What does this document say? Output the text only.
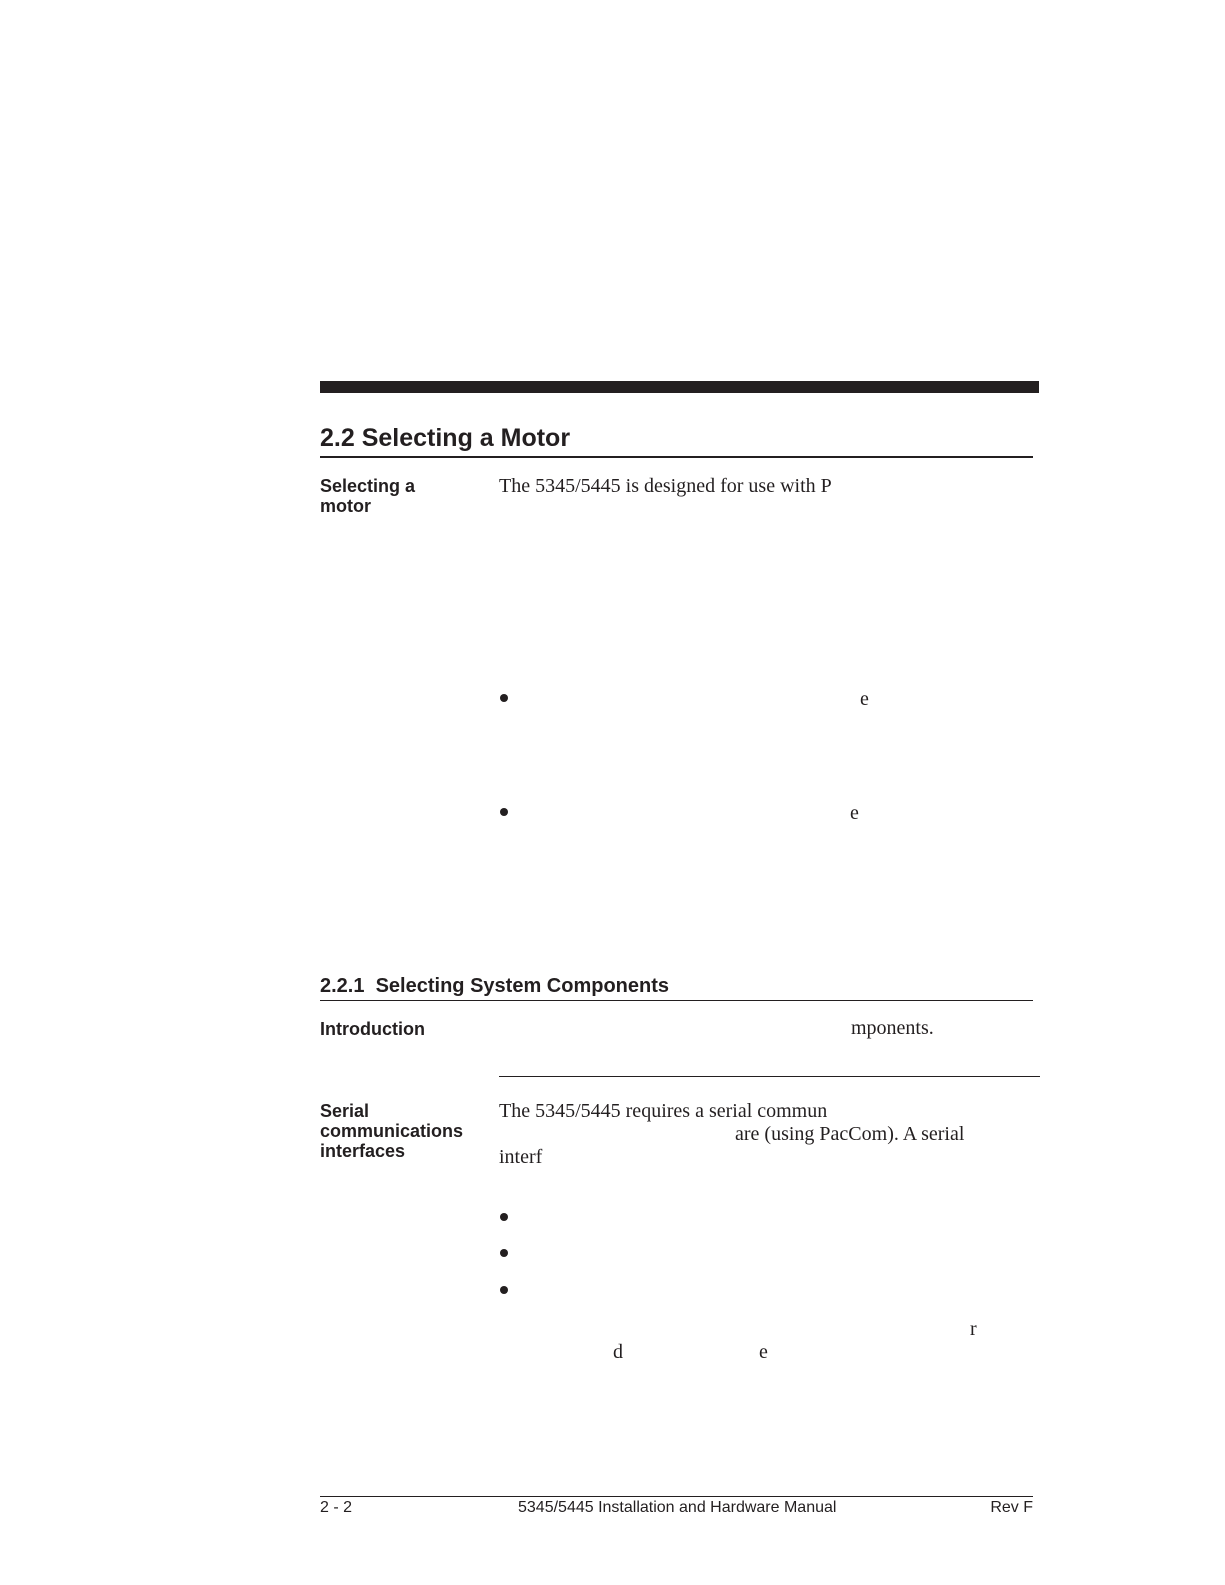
2.2 Selecting a Motor
Selecting a
motor
The 5345/5445 is designed for use with P
e
e
2.2.1  Selecting System Components
Introduction	mponents.
Serial
communications
interfaces
The 5345/5445 requires a serial commun
are (using PacCom). A serial
interf
r
d	e
2 - 2	5345/5445 Installation and Hardware Manual	Rev F
